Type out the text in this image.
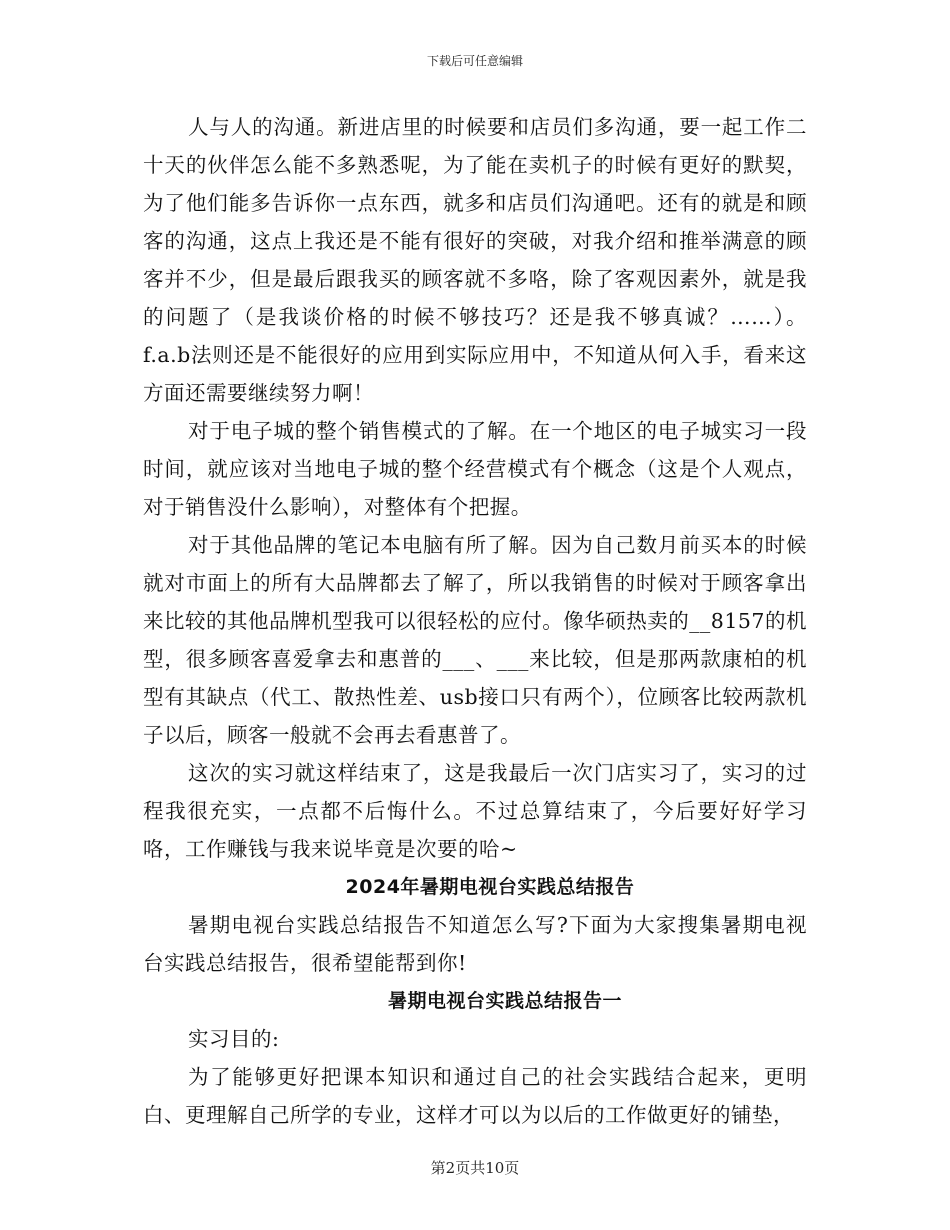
下载后可任意编辑

人与人的沟通。新进店里的时候要和店员们多沟通，要一起工作二十天的伙伴怎么能不多熟悉呢，为了能在卖机子的时候有更好的默契，为了他们能多告诉你一点东西，就多和店员们沟通吧。还有的就是和顾客的沟通，这点上我还是不能有很好的突破，对我介绍和推举满意的顾客并不少，但是最后跟我买的顾客就不多咯，除了客观因素外，就是我的问题了（是我谈价格的时候不够技巧？还是我不够真诚？……）。f.a.b法则还是不能很好的应用到实际应用中，不知道从何入手，看来这方面还需要继续努力啊！

对于电子城的整个销售模式的了解。在一个地区的电子城实习一段时间，就应该对当地电子城的整个经营模式有个概念（这是个人观点，对于销售没什么影响），对整体有个把握。

对于其他品牌的笔记本电脑有所了解。因为自己数月前买本的时候就对市面上的所有大品牌都去了解了，所以我销售的时候对于顾客拿出来比较的其他品牌机型我可以很轻松的应付。像华硕热卖的__8157的机型，很多顾客喜爱拿去和惠普的___、___来比较，但是那两款康柏的机型有其缺点（代工、散热性差、usb接口只有两个），位顾客比较两款机子以后，顾客一般就不会再去看惠普了。

这次的实习就这样结束了，这是我最后一次门店实习了，实习的过程我很充实，一点都不后悔什么。不过总算结束了，今后要好好学习咯，工作赚钱与我来说毕竟是次要的哈~

2024年暑期电视台实践总结报告

暑期电视台实践总结报告不知道怎么写?下面为大家搜集暑期电视台实践总结报告，很希望能帮到你!

暑期电视台实践总结报告一

实习目的:

为了能够更好把课本知识和通过自己的社会实践结合起来，更明白、更理解自己所学的专业，这样才可以为以后的工作做更好的铺垫，

第2页共10页
